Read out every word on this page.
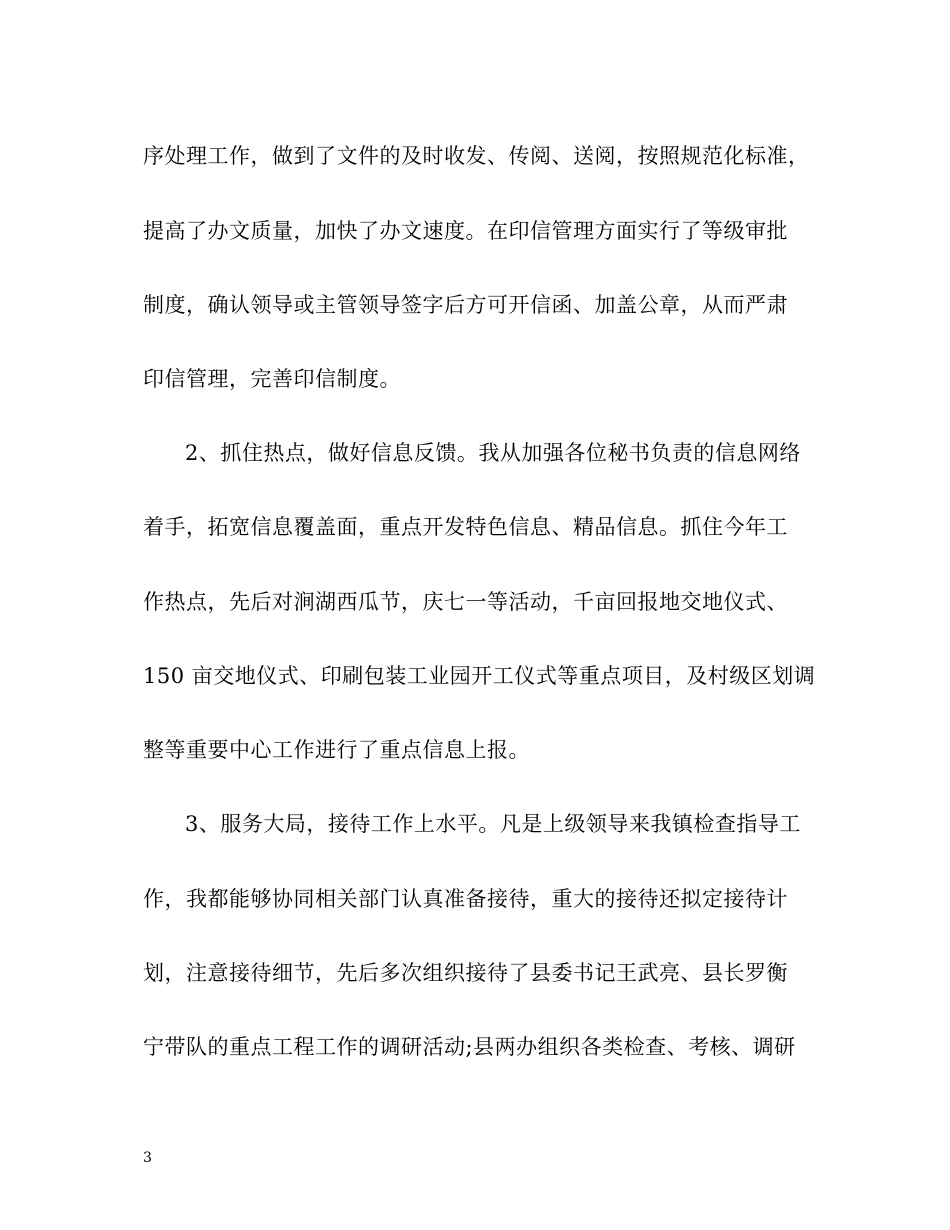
序处理工作，做到了文件的及时收发、传阅、送阅，按照规范化标准，
提高了办文质量，加快了办文速度。在印信管理方面实行了等级审批
制度，确认领导或主管领导签字后方可开信函、加盖公章，从而严肃
印信管理，完善印信制度。
2、抓住热点，做好信息反馈。我从加强各位秘书负责的信息网络
着手，拓宽信息覆盖面，重点开发特色信息、精品信息。抓住今年工
作热点，先后对涧湖西瓜节，庆七一等活动，千亩回报地交地仪式、
150 亩交地仪式、印刷包装工业园开工仪式等重点项目，及村级区划调
整等重要中心工作进行了重点信息上报。
3、服务大局，接待工作上水平。凡是上级领导来我镇检查指导工
作，我都能够协同相关部门认真准备接待，重大的接待还拟定接待计
划，注意接待细节，先后多次组织接待了县委书记王武亮、县长罗衡
宁带队的重点工程工作的调研活动;县两办组织各类检查、考核、调研
3
